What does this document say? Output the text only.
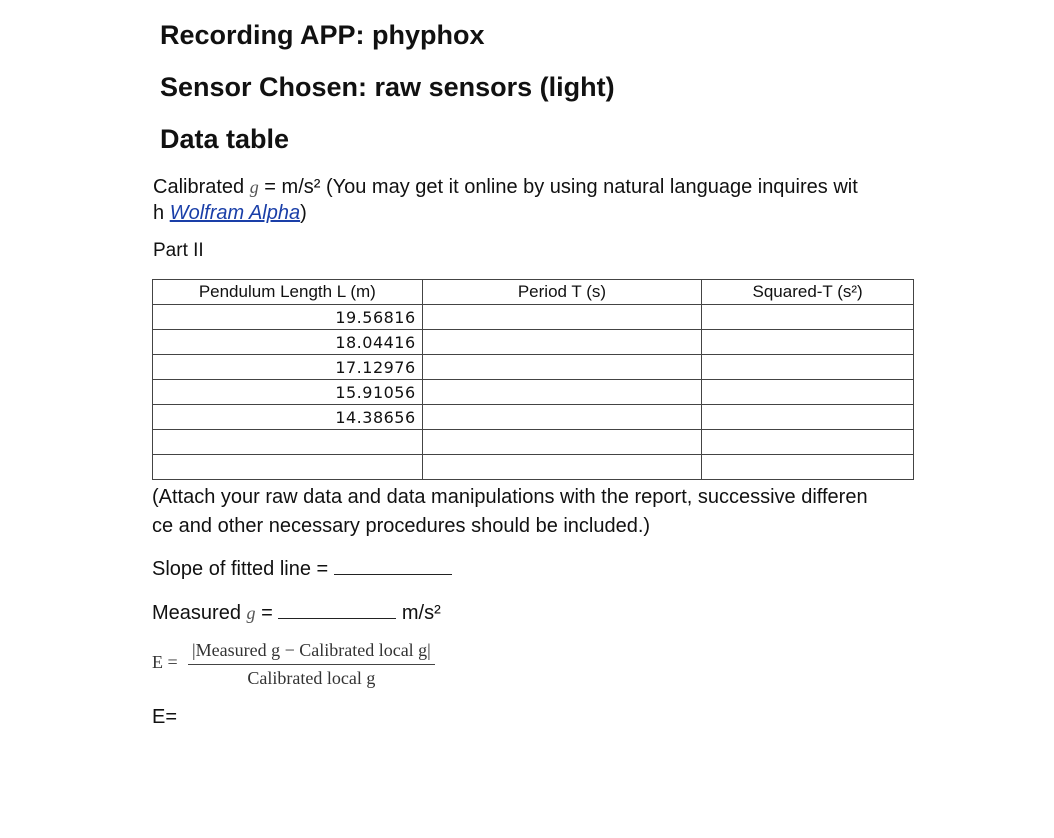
Recording APP: phyphox
Sensor Chosen: raw sensors (light)
Data table
Calibrated g = m/s² (You may get it online by using natural language inquires wit
h Wolfram Alpha)
Part II
Pendulum Length L (m)	Period T (s)	Squared-T (s²)
19.56816		
18.04416		
17.12976		
15.91056		
14.38656		

(Attach your raw data and data manipulations with the report, successive differen
ce and other necessary procedures should be included.)
Slope of fitted line =
Measured g =	m/s²
E =
|Measured g − Calibrated local g|
Calibrated local g
E=
